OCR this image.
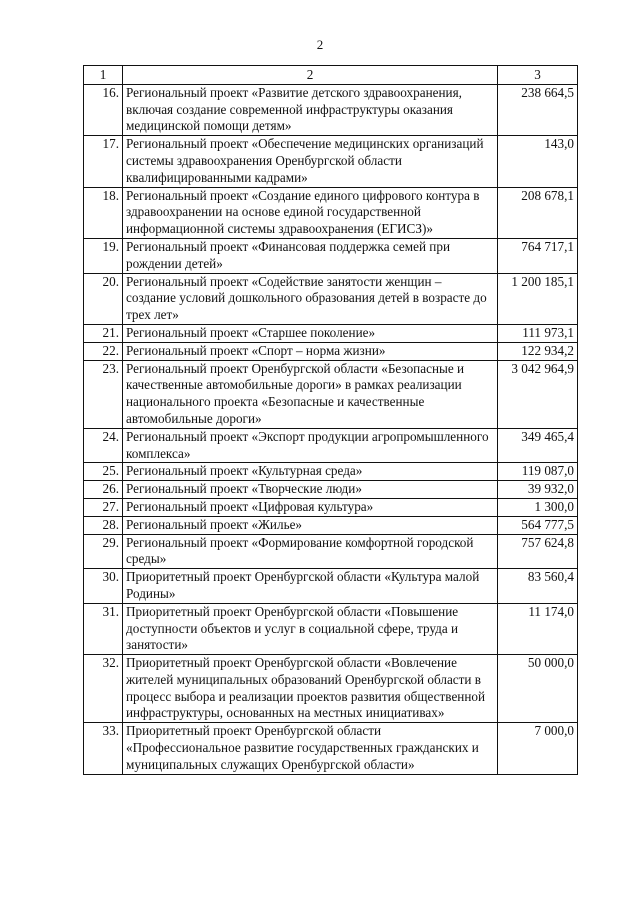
2
1	2	3
16.	Региональный проект «Развитие детского здравоохранения, включая создание современной инфраструктуры оказания медицинской помощи детям»	238 664,5
17.	Региональный проект «Обеспечение медицинских организаций системы здравоохранения Оренбургской области квалифицированными кадрами»	143,0
18.	Региональный проект «Создание единого цифрового контура в здравоохранении на основе единой государственной информационной системы здравоохранения (ЕГИСЗ)»	208 678,1
19.	Региональный проект «Финансовая поддержка семей при рождении детей»	764 717,1
20.	Региональный проект «Содействие занятости женщин – создание условий дошкольного образования детей в возрасте до трех лет»	1 200 185,1
21.	Региональный проект «Старшее поколение»	111 973,1
22.	Региональный проект «Спорт – норма жизни»	122 934,2
23.	Региональный проект Оренбургской области «Безопасные и качественные автомобильные дороги» в рамках реализации национального проекта «Безопасные и качественные автомобильные дороги»	3 042 964,9
24.	Региональный проект «Экспорт продукции агропромышленного комплекса»	349 465,4
25.	Региональный проект «Культурная среда»	119 087,0
26.	Региональный проект «Творческие люди»	39 932,0
27.	Региональный проект «Цифровая культура»	1 300,0
28.	Региональный проект «Жилье»	564 777,5
29.	Региональный проект «Формирование комфортной городской среды»	757 624,8
30.	Приоритетный проект Оренбургской области «Культура малой Родины»	83 560,4
31.	Приоритетный проект Оренбургской области «Повышение доступности объектов и услуг в социальной сфере, труда и занятости»	11 174,0
32.	Приоритетный проект Оренбургской области «Вовлечение жителей муниципальных образований Оренбургской области в процесс выбора и реализации проектов развития общественной инфраструктуры, основанных на местных инициативах»	50 000,0
33.	Приоритетный проект Оренбургской области «Профессиональное развитие государственных гражданских и муниципальных служащих Оренбургской области»	7 000,0
